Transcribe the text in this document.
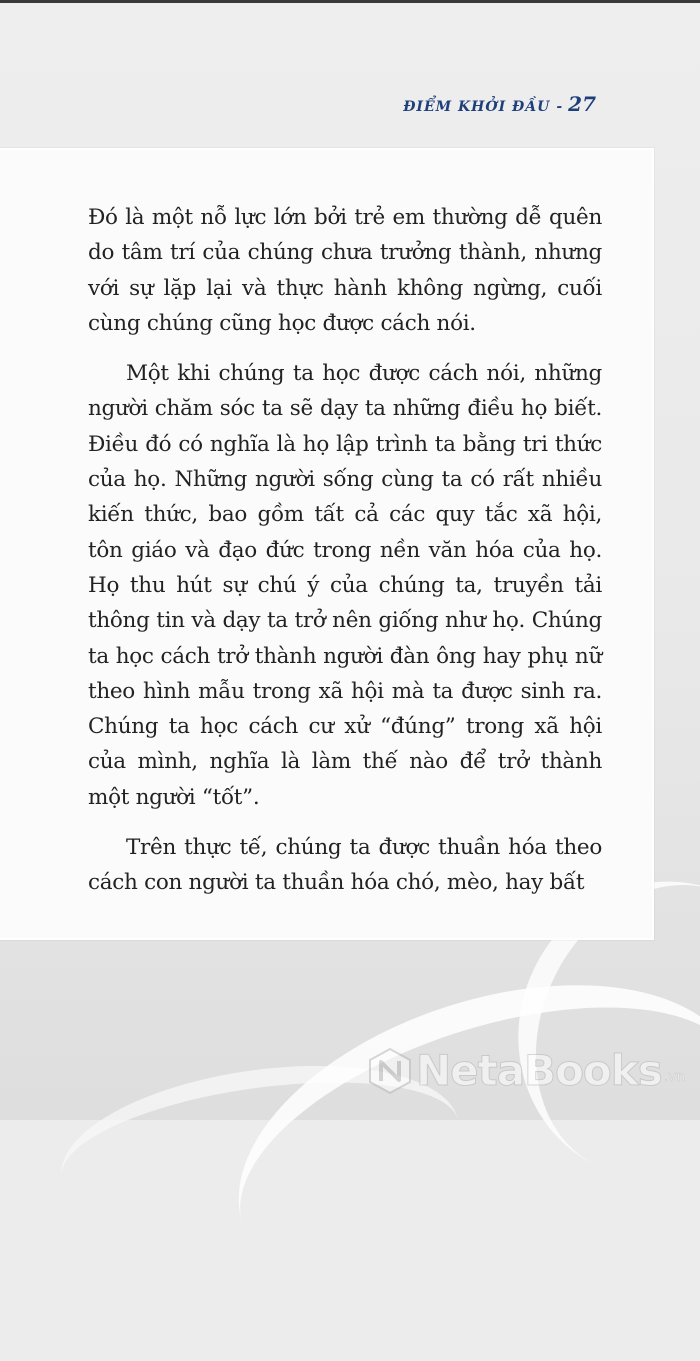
ĐIỂM KHỞI ĐẦU - 27

Đó là một nỗ lực lớn bởi trẻ em thường dễ quên do tâm trí của chúng chưa trưởng thành, nhưng với sự lặp lại và thực hành không ngừng, cuối cùng chúng cũng học được cách nói.

Một khi chúng ta học được cách nói, những người chăm sóc ta sẽ dạy ta những điều họ biết. Điều đó có nghĩa là họ lập trình ta bằng tri thức của họ. Những người sống cùng ta có rất nhiều kiến thức, bao gồm tất cả các quy tắc xã hội, tôn giáo và đạo đức trong nền văn hóa của họ. Họ thu hút sự chú ý của chúng ta, truyền tải thông tin và dạy ta trở nên giống như họ. Chúng ta học cách trở thành người đàn ông hay phụ nữ theo hình mẫu trong xã hội mà ta được sinh ra. Chúng ta học cách cư xử “đúng” trong xã hội của mình, nghĩa là làm thế nào để trở thành một người “tốt”.

Trên thực tế, chúng ta được thuần hóa theo cách con người ta thuần hóa chó, mèo, hay bất

NetaBooks .vn
